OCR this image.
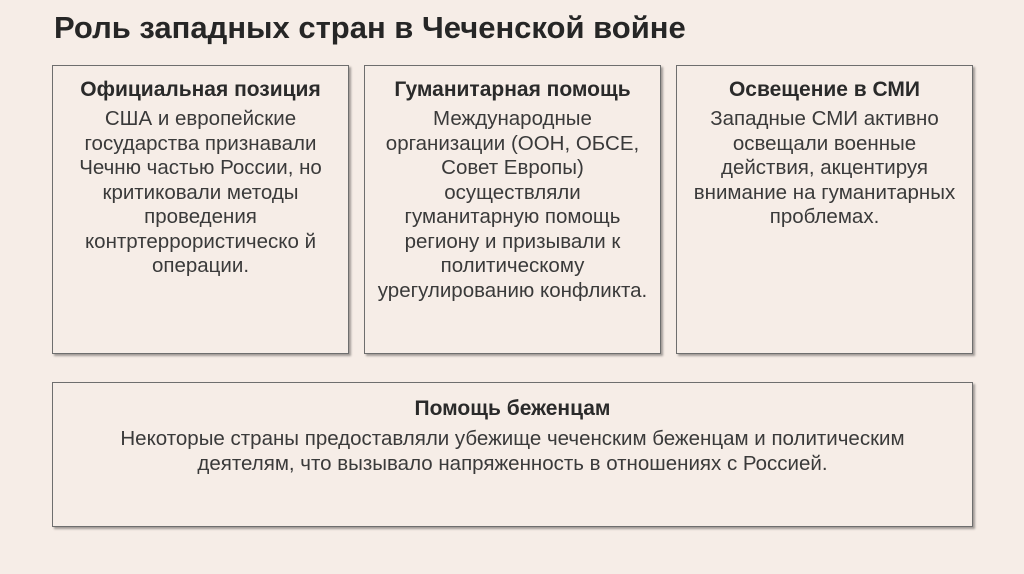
Роль западных стран в Чеченской войне
Официальная позиция
США и европейские государства признавали Чечню частью России, но критиковали методы проведения контртеррористическо й операции.
Гуманитарная помощь
Международные организации (ООН, ОБСЕ, Совет Европы) осуществляли гуманитарную помощь региону и призывали к политическому урегулированию конфликта.
Освещение в СМИ
Западные СМИ активно освещали военные действия, акцентируя внимание на гуманитарных проблемах.
Помощь беженцам
Некоторые страны предоставляли убежище чеченским беженцам и политическим деятелям, что вызывало напряженность в отношениях с Россией.
